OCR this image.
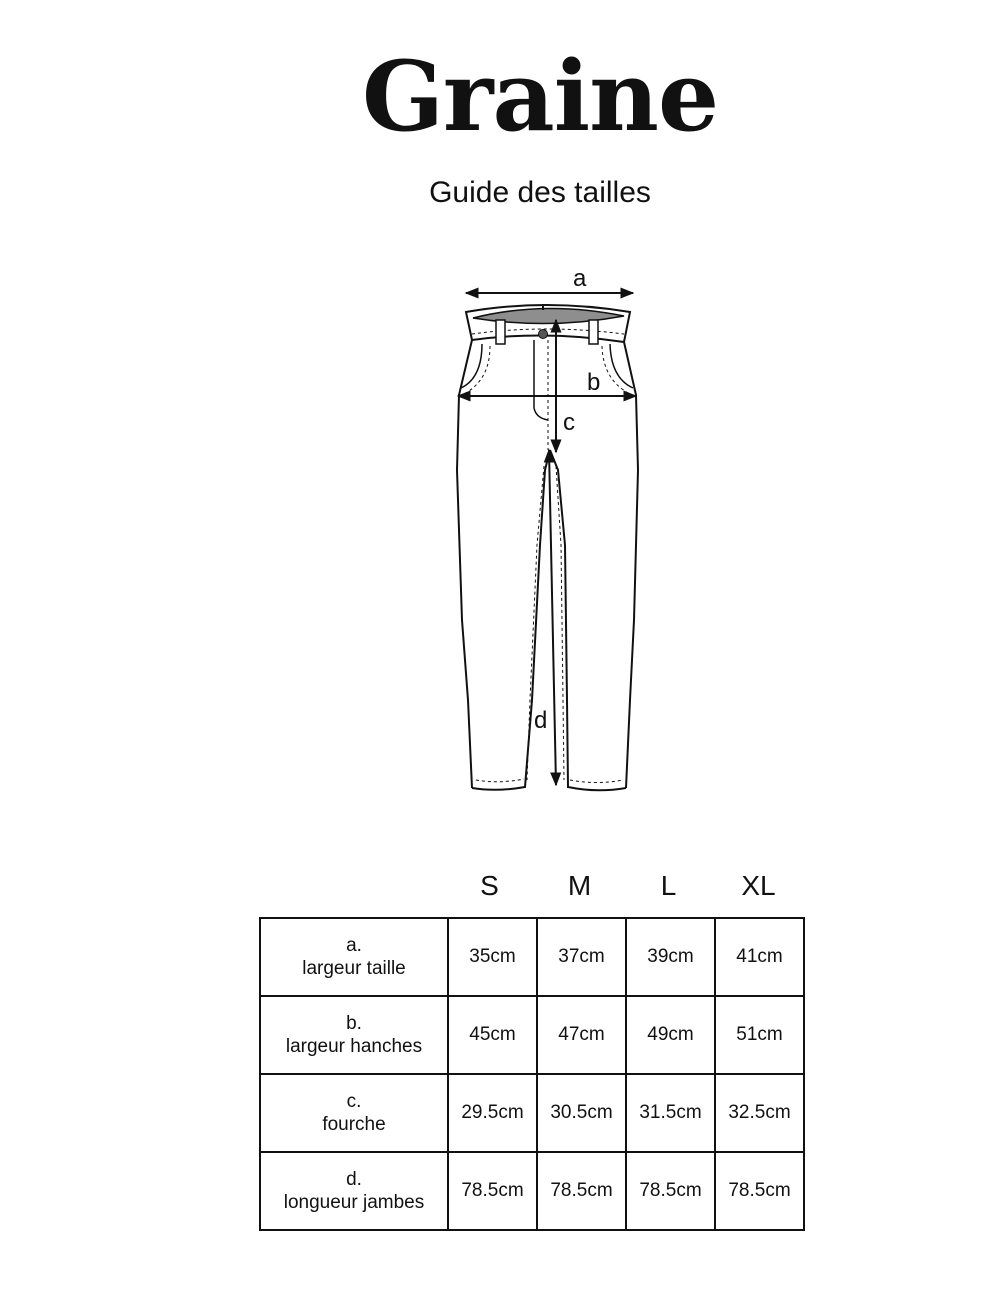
Graine
Guide des tailles
a
b
c
d
S	M	L	XL
a.
largeur taille	35cm	37cm	39cm	41cm

b.
largeur hanches	45cm	47cm	49cm	51cm

c.
fourche	29.5cm	30.5cm	31.5cm	32.5cm

d.
longueur jambes	78.5cm	78.5cm	78.5cm	78.5cm
